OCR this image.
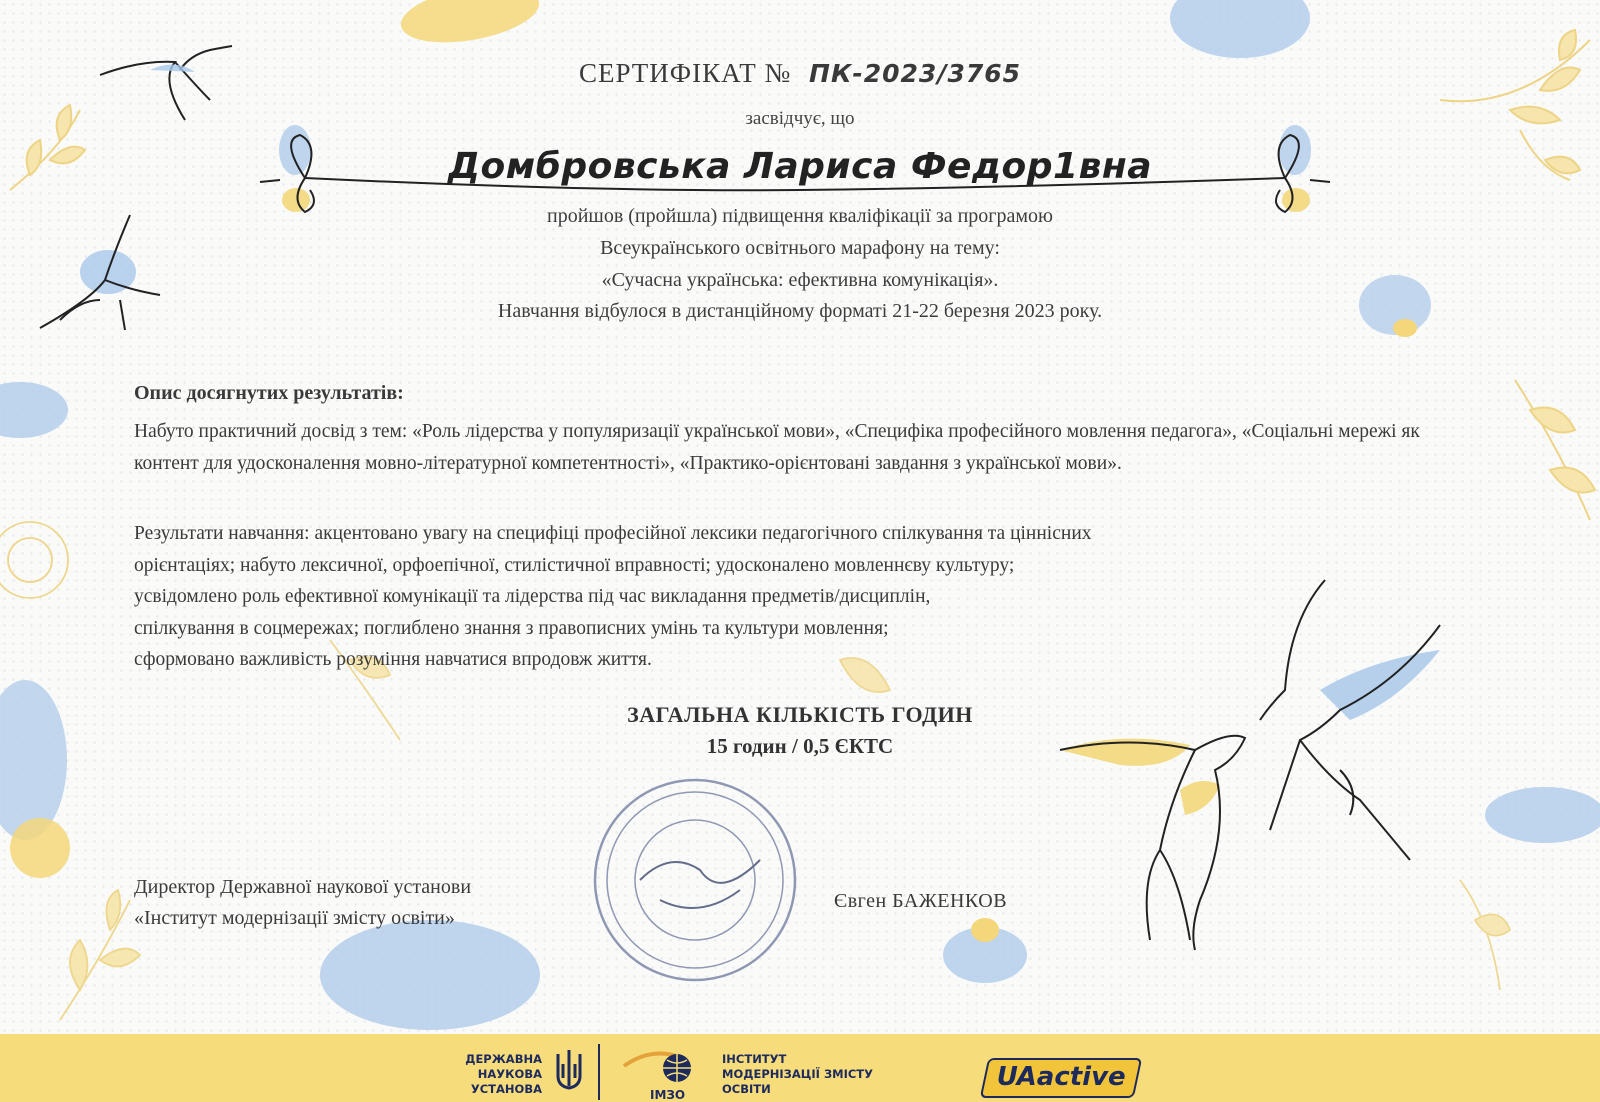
СЕРТИФІКАТ № ПК-2023/3765
засвідчує, що
Домбровська Лариса Федор1вна
пройшов (пройшла) підвищення кваліфікації за програмою
Всеукраїнського освітнього марафону на тему:
«Сучасна українська: ефективна комунікація».
Навчання відбулося в дистанційному форматі 21-22 березня 2023 року.
Опис досягнутих результатів:
Набуто практичний досвід з тем: «Роль лідерства у популяризації української мови», «Специфіка професійного мовлення педагога», «Соціальні мережі як контент для удосконалення мовно-літературної компетентності», «Практико-орієнтовані завдання з української мови».
Результати навчання: акцентовано увагу на специфіці професійної лексики педагогічного спілкування та ціннісних
орієнтаціях; набуто лексичної, орфоепічної, стилістичної вправності; удосконалено мовленнєву культуру;
усвідомлено роль ефективної комунікації та лідерства під час викладання предметів/дисциплін,
спілкування в соцмережах; поглиблено знання з правописних умінь та культури мовлення;
сформовано важливість розуміння навчатися впродовж життя.
ЗАГАЛЬНА КІЛЬКІСТЬ ГОДИН
15 годин / 0,5 ЄКТС
Директор Державної наукової установи
«Інститут модернізації змісту освіти»
Євген БАЖЕНКОВ
ДЕРЖАВНА
НАУКОВА
УСТАНОВА	ІМЗО
ІНСТИТУТ
МОДЕРНІЗАЦІЇ ЗМІСТУ
ОСВІТИ	UAactive
